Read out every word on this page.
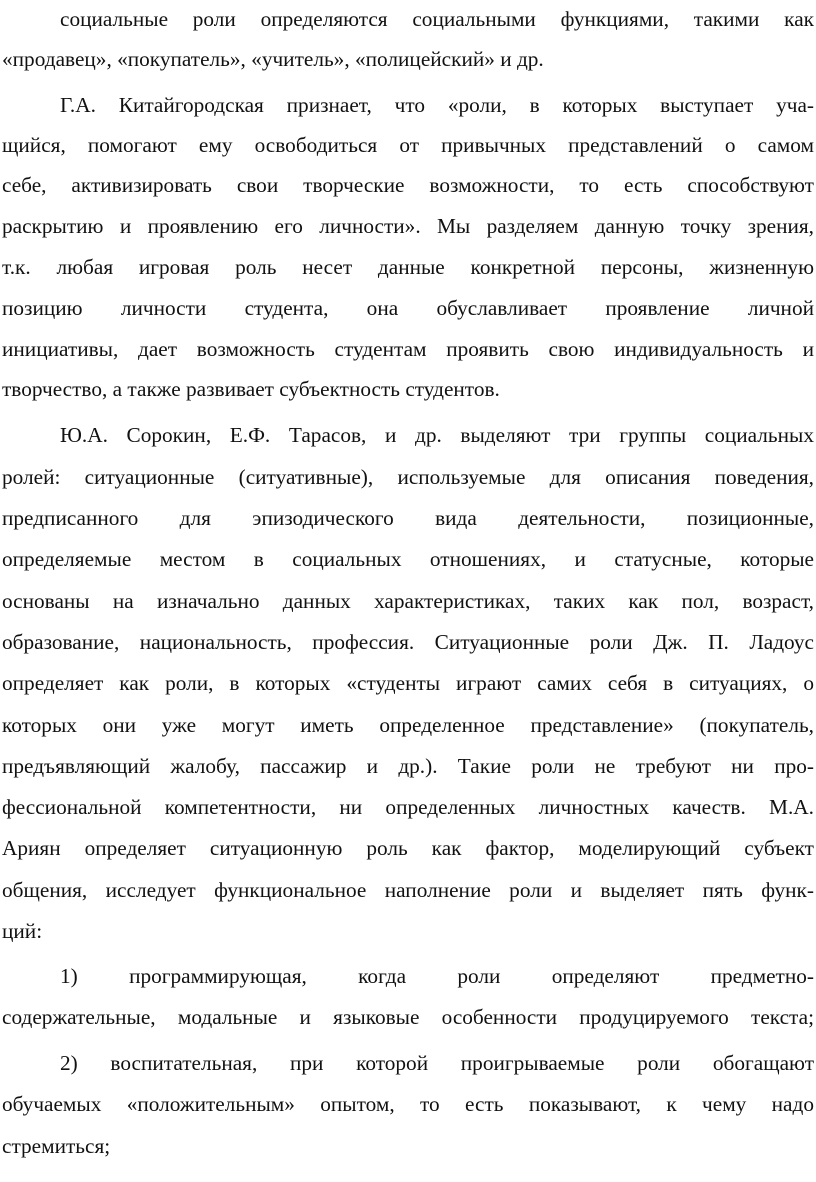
социальные роли определяются социальными функциями, такими как
«продавец», «покупатель», «учитель», «полицейский» и др.
Г.А. Китайгородская признает, что «роли, в которых выступает уча-
щийся, помогают ему освободиться от привычных представлений о самом
себе, активизировать свои творческие возможности, то есть способствуют
раскрытию и проявлению его личности». Мы разделяем данную точку зрения,
т.к. любая игровая роль несет данные конкретной персоны, жизненную
позицию личности студента, она обуславливает проявление личной
инициативы, дает возможность студентам проявить свою индивидуальность и
творчество, а также развивает субъектность студентов.
Ю.А. Сорокин, Е.Ф. Тарасов, и др. выделяют три группы социальных
ролей: ситуационные (ситуативные), используемые для описания поведения,
предписанного для эпизодического вида деятельности, позиционные,
определяемые местом в социальных отношениях, и статусные, которые
основаны на изначально данных характеристиках, таких как пол, возраст,
образование, национальность, профессия. Ситуационные роли Дж. П. Ладоус
определяет как роли, в которых «студенты играют самих себя в ситуациях, о
которых они уже могут иметь определенное представление» (покупатель,
предъявляющий жалобу, пассажир и др.). Такие роли не требуют ни про-
фессиональной компетентности, ни определенных личностных качеств. М.А.
Ариян определяет ситуационную роль как фактор, моделирующий субъект
общения, исследует функциональное наполнение роли и выделяет пять функ-
ций:
1) программирующая, когда роли определяют предметно-
содержательные, модальные и языковые особенности продуцируемого текста;
2) воспитательная, при которой проигрываемые роли обогащают
обучаемых «положительным» опытом, то есть показывают, к чему надо
стремиться;
